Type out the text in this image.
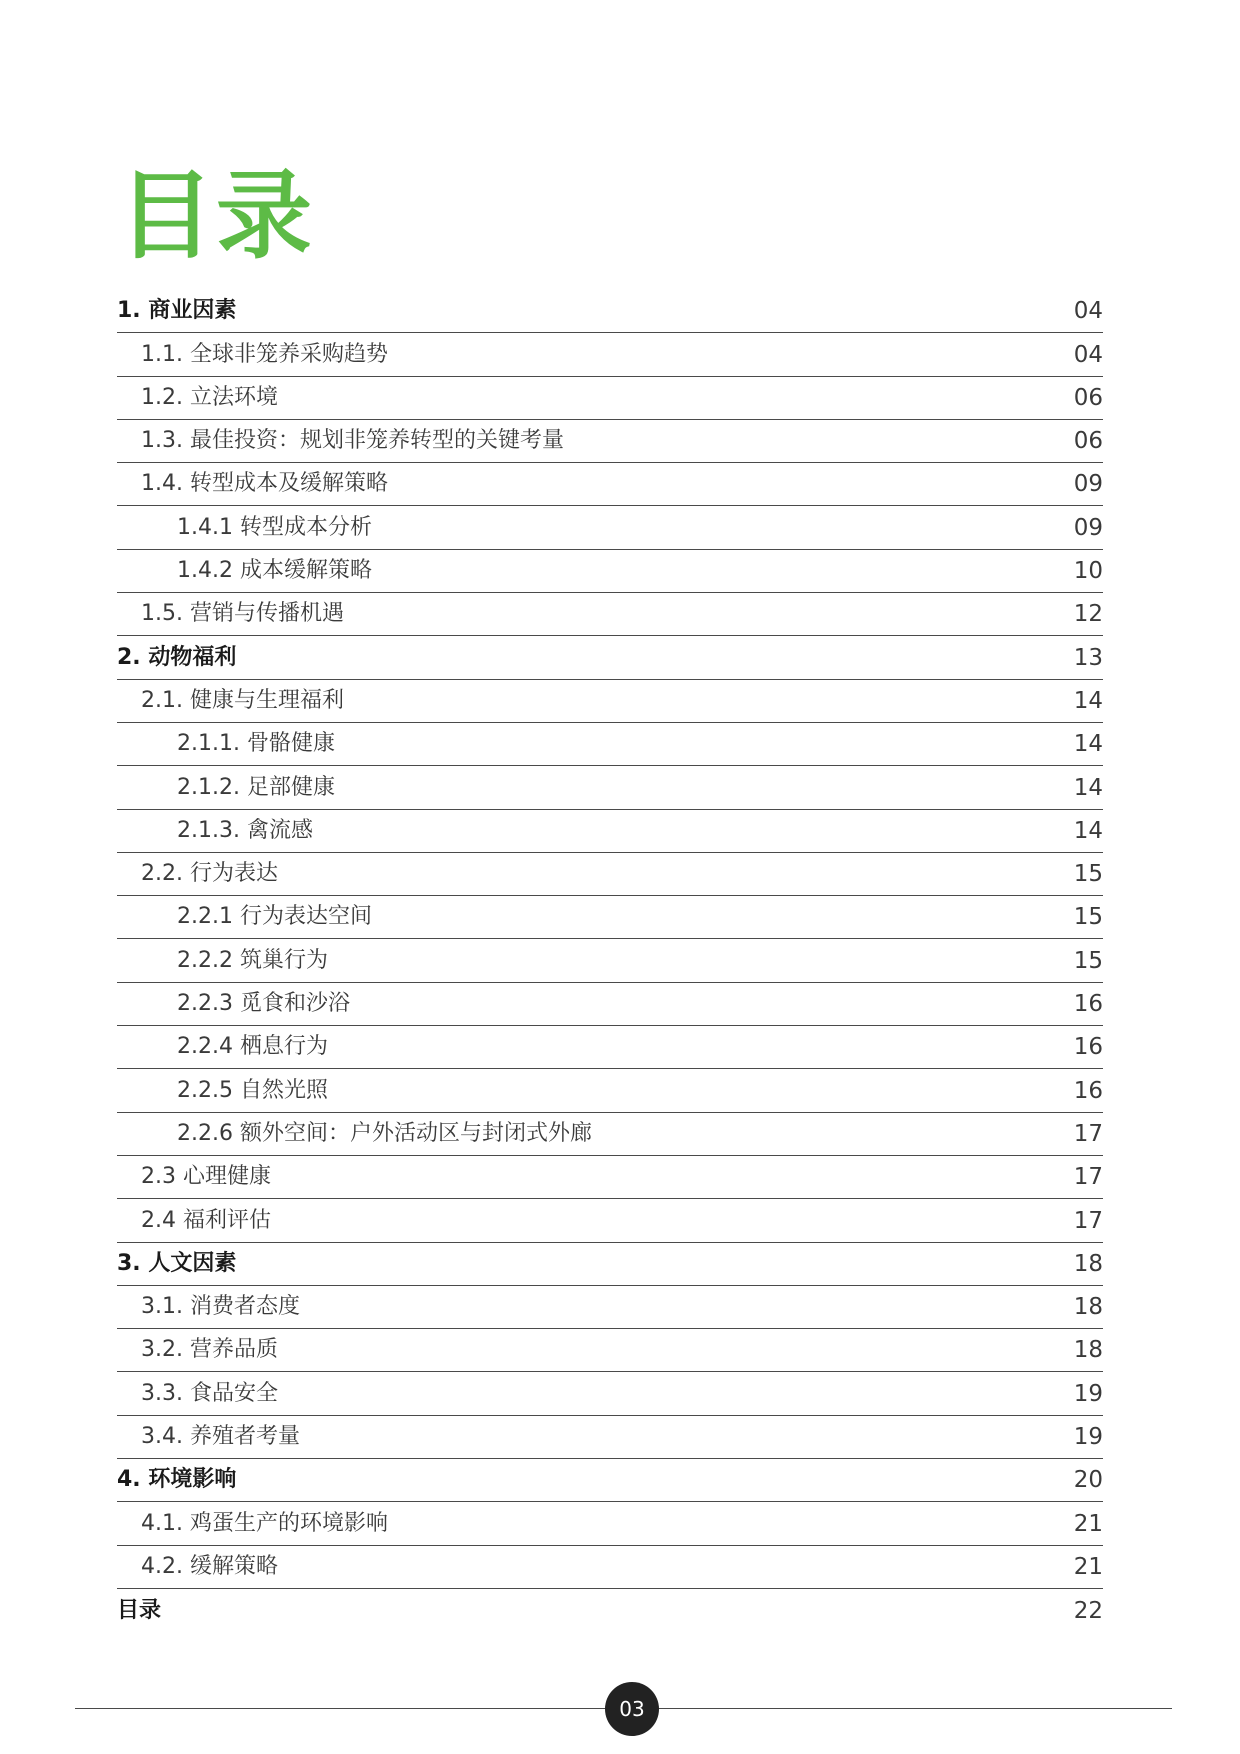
目录
1. 商业因素	04
1.1. 全球非笼养采购趋势	04
1.2. 立法环境	06
1.3. 最佳投资：规划非笼养转型的关键考量	06
1.4. 转型成本及缓解策略	09
1.4.1 转型成本分析	09
1.4.2 成本缓解策略	10
1.5. 营销与传播机遇	12
2. 动物福利	13
2.1. 健康与生理福利	14
2.1.1. 骨骼健康	14
2.1.2. 足部健康	14
2.1.3. 禽流感	14
2.2. 行为表达	15
2.2.1 行为表达空间	15
2.2.2 筑巢行为	15
2.2.3 觅食和沙浴	16
2.2.4 栖息行为	16
2.2.5 自然光照	16
2.2.6 额外空间：户外活动区与封闭式外廊	17
2.3 心理健康	17
2.4 福利评估	17
3. 人文因素	18
3.1. 消费者态度	18
3.2. 营养品质	18
3.3. 食品安全	19
3.4. 养殖者考量	19
4. 环境影响	20
4.1. 鸡蛋生产的环境影响	21
4.2. 缓解策略	21
目录	22
03
